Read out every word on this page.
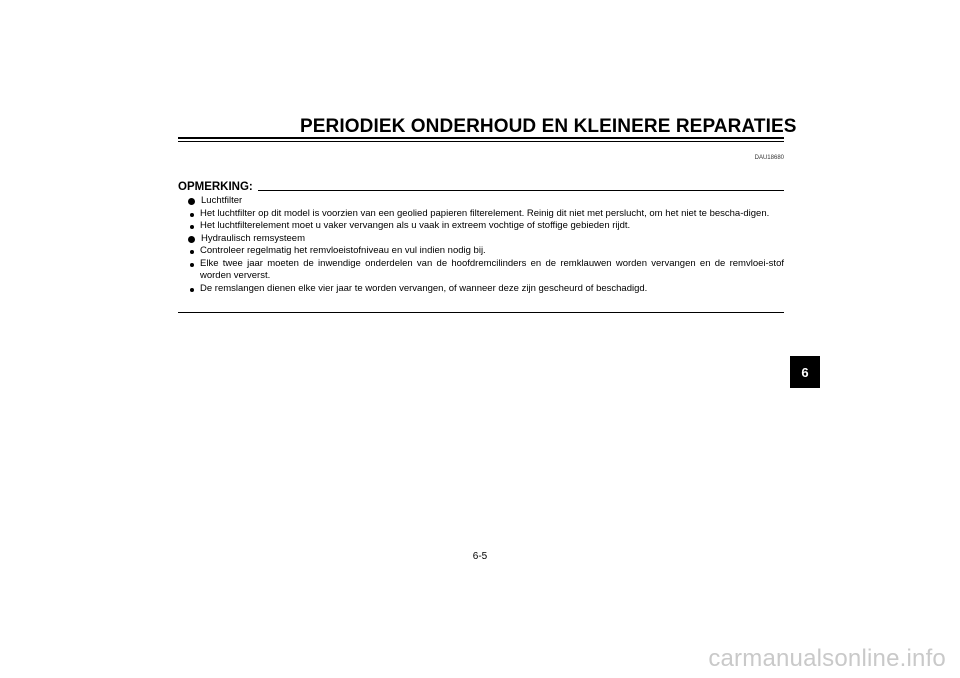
PERIODIEK ONDERHOUD EN KLEINERE REPARATIES
DAU18680
OPMERKING:
Luchtfilter
Het luchtfilter op dit model is voorzien van een geolied papieren filterelement. Reinig dit niet met perslucht, om het niet te bescha-digen.
Het luchtfilterelement moet u vaker vervangen als u vaak in extreem vochtige of stoffige gebieden rijdt.
Hydraulisch remsysteem
Controleer regelmatig het remvloeistofniveau en vul indien nodig bij.
Elke twee jaar moeten de inwendige onderdelen van de hoofdremcilinders en de remklauwen worden vervangen en de remvloei-stof worden ververst.
De remslangen dienen elke vier jaar te worden vervangen, of wanneer deze zijn gescheurd of beschadigd.
6
6-5
carmanualsonline.info
